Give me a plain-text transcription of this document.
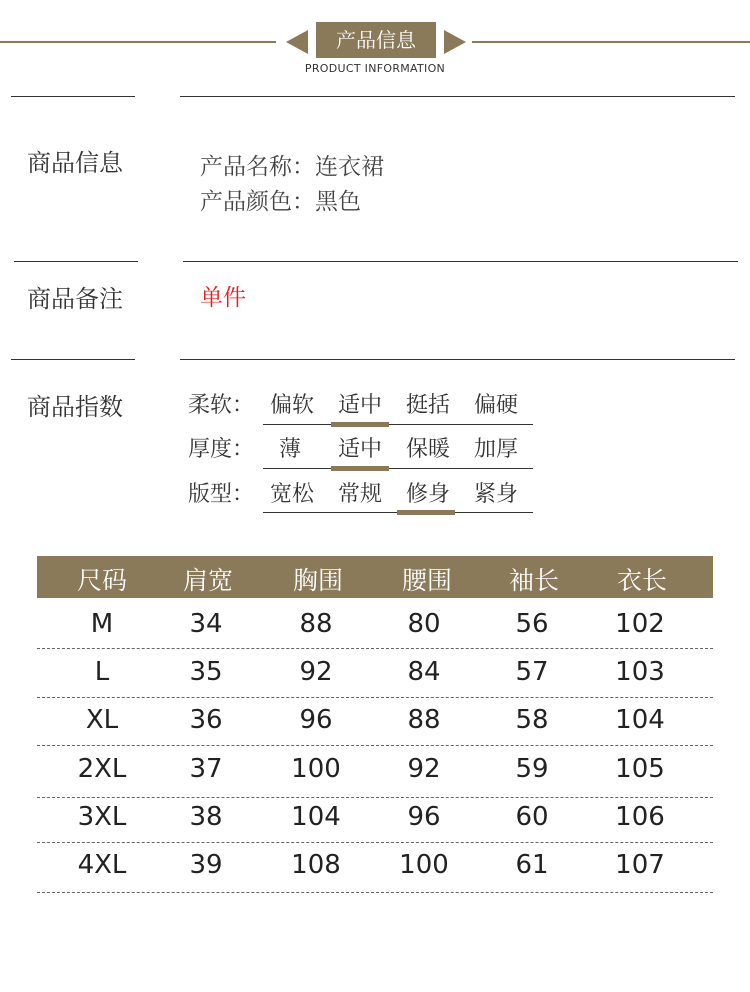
产品信息
PRODUCT INFORMATION
商品信息	产品名称：连衣裙
产品颜色：黑色
商品备注	单件
商品指数	柔软： 偏软	适中	挺括	偏硬
厚度：	薄	适中	保暖	加厚
版型： 宽松	常规	修身	紧身
尺码	肩宽	胸围	腰围	袖长	衣长
M	34	88	80	56	102
L	35	92	84	57	103
XL	36	96	88	58	104
2XL	37	100	92	59	105
3XL	38	104	96	60	106
4XL	39	108	100	61	107
